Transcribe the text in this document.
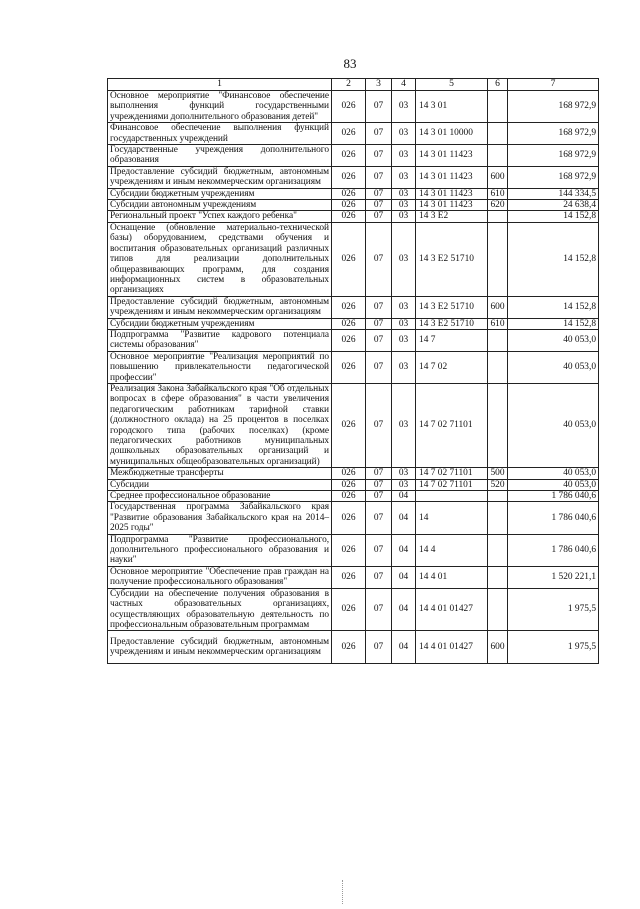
83
1	2	3	4	5	6	7
Основное мероприятие "Финансовое обеспечение выполнения функций государственными учреждениями дополнительного образования детей"	026	07	03	14 3 01		168 972,9
Финансовое обеспечение выполнения функций государственных учреждений	026	07	03	14 3 01 10000		168 972,9
Государственные учреждения дополнительного образования	026	07	03	14 3 01 11423		168 972,9
Предоставление субсидий бюджетным, автономным учреждениям и иным некоммерческим организациям	026	07	03	14 3 01 11423	600	168 972,9
Субсидии бюджетным учреждениям	026	07	03	14 3 01 11423	610	144 334,5
Субсидии автономным учреждениям	026	07	03	14 3 01 11423	620	24 638,4
Региональный проект "Успех каждого ребенка"	026	07	03	14 3 E2		14 152,8
Оснащение (обновление материально-технической базы) оборудованием, средствами обучения и воспитания образовательных организаций различных типов для реализации дополнительных общеразвивающих программ, для создания информационных систем в образовательных организациях	026	07	03	14 3 E2 51710		14 152,8
Предоставление субсидий бюджетным, автономным учреждениям и иным некоммерческим организациям	026	07	03	14 3 E2 51710	600	14 152,8
Субсидии бюджетным учреждениям	026	07	03	14 3 E2 51710	610	14 152,8
Подпрограмма "Развитие кадрового потенциала системы образования"	026	07	03	14 7		40 053,0
Основное мероприятие "Реализация мероприятий по повышению привлекательности педагогической профессии"	026	07	03	14 7 02		40 053,0
Реализация Закона Забайкальского края "Об отдельных вопросах в сфере образования" в части увеличения педагогическим работникам тарифной ставки (должностного оклада) на 25 процентов в поселках городского типа (рабочих поселках) (кроме педагогических работников муниципальных дошкольных образовательных организаций и муниципальных общеобразовательных организаций)	026	07	03	14 7 02 71101		40 053,0
Межбюджетные трансферты	026	07	03	14 7 02 71101	500	40 053,0
Субсидии	026	07	03	14 7 02 71101	520	40 053,0
Среднее профессиональное образование	026	07	04			1 786 040,6
Государственная программа Забайкальского края "Развитие образования Забайкальского края на 2014–2025 годы"	026	07	04	14		1 786 040,6
Подпрограмма "Развитие профессионального, дополнительного профессионального образования и науки"	026	07	04	14 4		1 786 040,6
Основное мероприятие "Обеспечение прав граждан на получение профессионального образования"	026	07	04	14 4 01		1 520 221,1
Субсидии на обеспечение получения образования в частных образовательных организациях, осуществляющих образовательную деятельность по профессиональным образовательным программам	026	07	04	14 4 01 01427		1 975,5
Предоставление субсидий бюджетным, автономным учреждениям и иным некоммерческим организациям	026	07	04	14 4 01 01427	600	1 975,5
